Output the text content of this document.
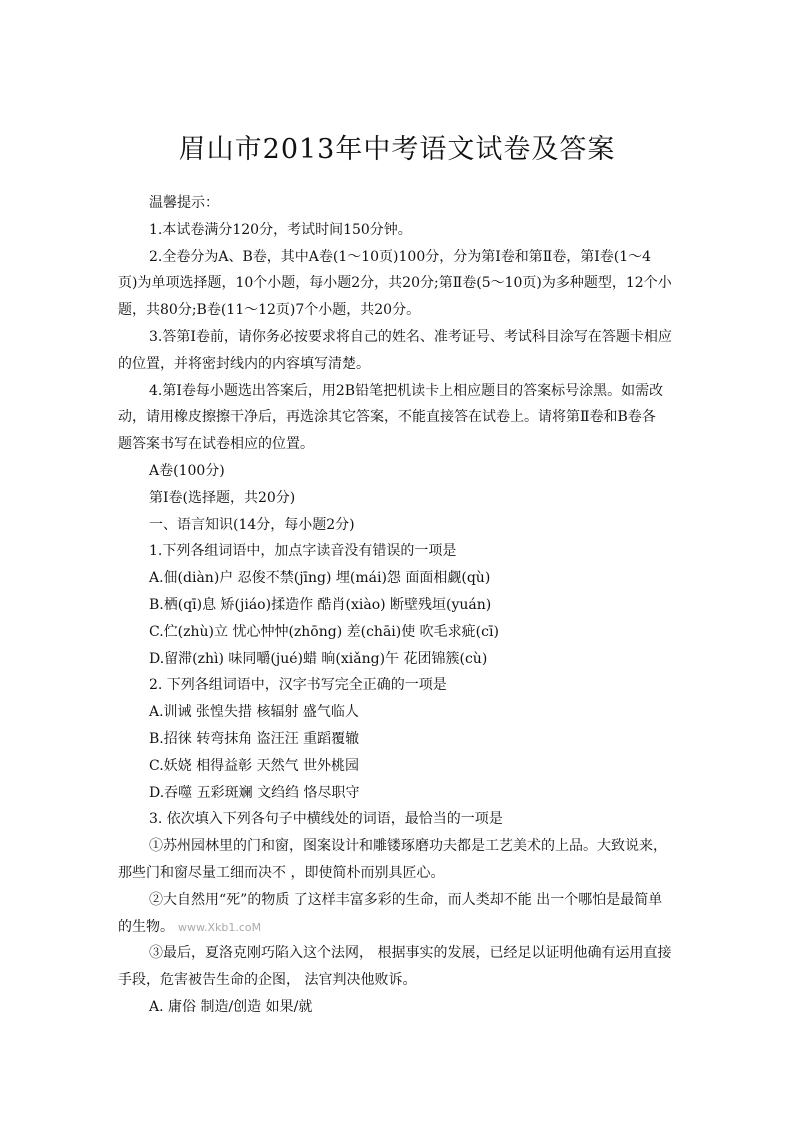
眉山市2013年中考语文试卷及答案
温馨提示：
1.本试卷满分120分，考试时间150分钟。
2.全卷分为A、B卷，其中A卷(1～10页)100分，分为第Ⅰ卷和第Ⅱ卷，第Ⅰ卷(1～4
页)为单项选择题，10个小题，每小题2分，共20分;第Ⅱ卷(5～10页)为多种题型，12个小
题，共80分;B卷(11～12页)7个小题，共20分。
3.答第Ⅰ卷前，请你务必按要求将自己的姓名、准考证号、考试科目涂写在答题卡相应
的位置，并将密封线内的内容填写清楚。
4.第Ⅰ卷每小题选出答案后，用2B铅笔把机读卡上相应题目的答案标号涂黑。如需改
动，请用橡皮擦擦干净后，再选涂其它答案，不能直接答在试卷上。请将第Ⅱ卷和B卷各
题答案书写在试卷相应的位置。
A卷(100分)
第Ⅰ卷(选择题，共20分)
一、语言知识(14分，每小题2分)
1.下列各组词语中，加点字读音没有错误的一项是
A.佃(diàn)户 忍俊不禁(jīng) 埋(mái)怨 面面相觑(qù)
B.栖(qī)息 矫(jiáo)揉造作 酷肖(xiào) 断壁残垣(yuán)
C.伫(zhù)立 忧心忡忡(zhōng) 差(chāi)使 吹毛求疵(cī)
D.留滞(zhì) 味同嚼(jué)蜡 晌(xiǎng)午 花团锦簇(cù)
2. 下列各组词语中，汉字书写完全正确的一项是
A.训诫 张惶失措 核辐射 盛气临人
B.招徕 转弯抹角 盗汪汪 重蹈覆辙
C.妖娆 相得益彰 天然气 世外桃园
D.吞噬 五彩斑斓 文绉绉 恪尽职守
3. 依次填入下列各句子中横线处的词语，最恰当的一项是
①苏州园林里的门和窗，图案设计和雕镂琢磨功夫都是工艺美术的上品。大致说来，
那些门和窗尽量工细而决不 ，即使简朴而别具匠心。
②大自然用“死”的物质 了这样丰富多彩的生命，而人类却不能 出一个哪怕是最简单
的生物。 www.Xkb1.coM
③最后，夏洛克刚巧陷入这个法网， 根据事实的发展，已经足以证明他确有运用直接
手段，危害被告生命的企图， 法官判决他败诉。
A. 庸俗 制造/创造 如果/就
